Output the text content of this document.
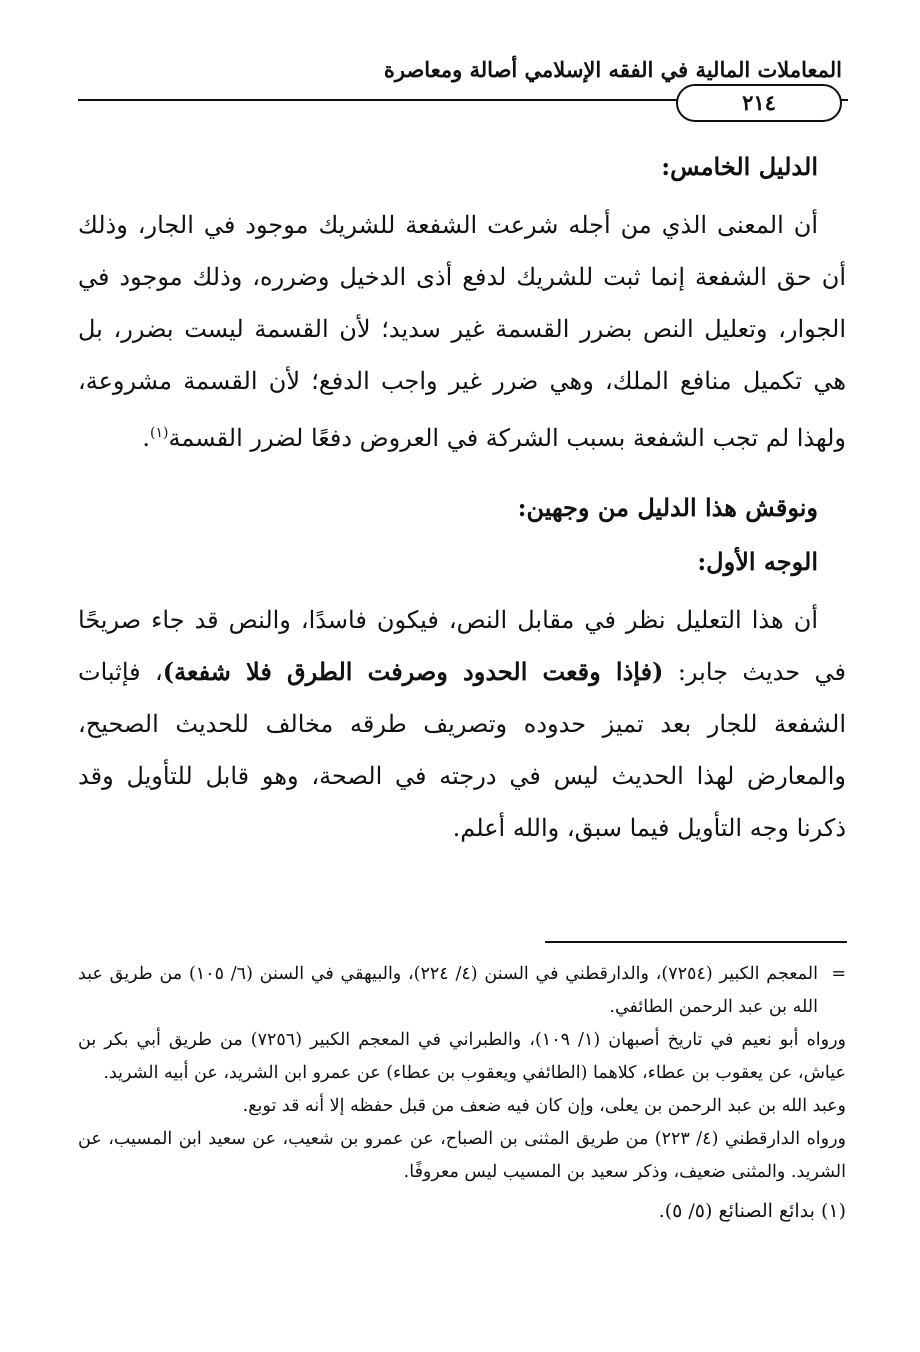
المعاملات المالية في الفقه الإسلامي أصالة ومعاصرة
٢١٤

الدليل الخامس:

أن المعنى الذي من أجله شرعت الشفعة للشريك موجود في الجار، وذلك أن حق الشفعة إنما ثبت للشريك لدفع أذى الدخيل وضرره، وذلك موجود في الجوار، وتعليل النص بضرر القسمة غير سديد؛ لأن القسمة ليست بضرر، بل هي تكميل منافع الملك، وهي ضرر غير واجب الدفع؛ لأن القسمة مشروعة، ولهذا لم تجب الشفعة بسبب الشركة في العروض دفعًا لضرر القسمة$^{(١)}$.

ونوقش هذا الدليل من وجهين:

الوجه الأول:

أن هذا التعليل نظر في مقابل النص، فيكون فاسدًا، والنص قد جاء صريحًا في حديث جابر: (فإذا وقعت الحدود وصرفت الطرق فلا شفعة)، فإثبات الشفعة للجار بعد تميز حدوده وتصريف طرقه مخالف للحديث الصحيح، والمعارض لهذا الحديث ليس في درجته في الصحة، وهو قابل للتأويل وقد ذكرنا وجه التأويل فيما سبق، والله أعلم.

=
المعجم الكبير (٧٢٥٤)، والدارقطني في السنن (٤/ ٢٢٤)، والبيهقي في السنن (٦/ ١٠٥) من طريق عبد الله بن عبد الرحمن الطائفي.

ورواه أبو نعيم في تاريخ أصبهان (١/ ١٠٩)، والطبراني في المعجم الكبير (٧٢٥٦) من طريق أبي بكر بن عياش، عن يعقوب بن عطاء، كلاهما (الطائفي ويعقوب بن عطاء) عن عمرو ابن الشريد، عن أبيه الشريد.

وعبد الله بن عبد الرحمن بن يعلى، وإن كان فيه ضعف من قبل حفظه إلا أنه قد توبع.

ورواه الدارقطني (٤/ ٢٢٣) من طريق المثنى بن الصباح، عن عمرو بن شعيب، عن سعيد ابن المسيب، عن الشريد. والمثنى ضعيف، وذكر سعيد بن المسيب ليس معروفًا.

(١) بدائع الصنائع (٥/ ٥).
